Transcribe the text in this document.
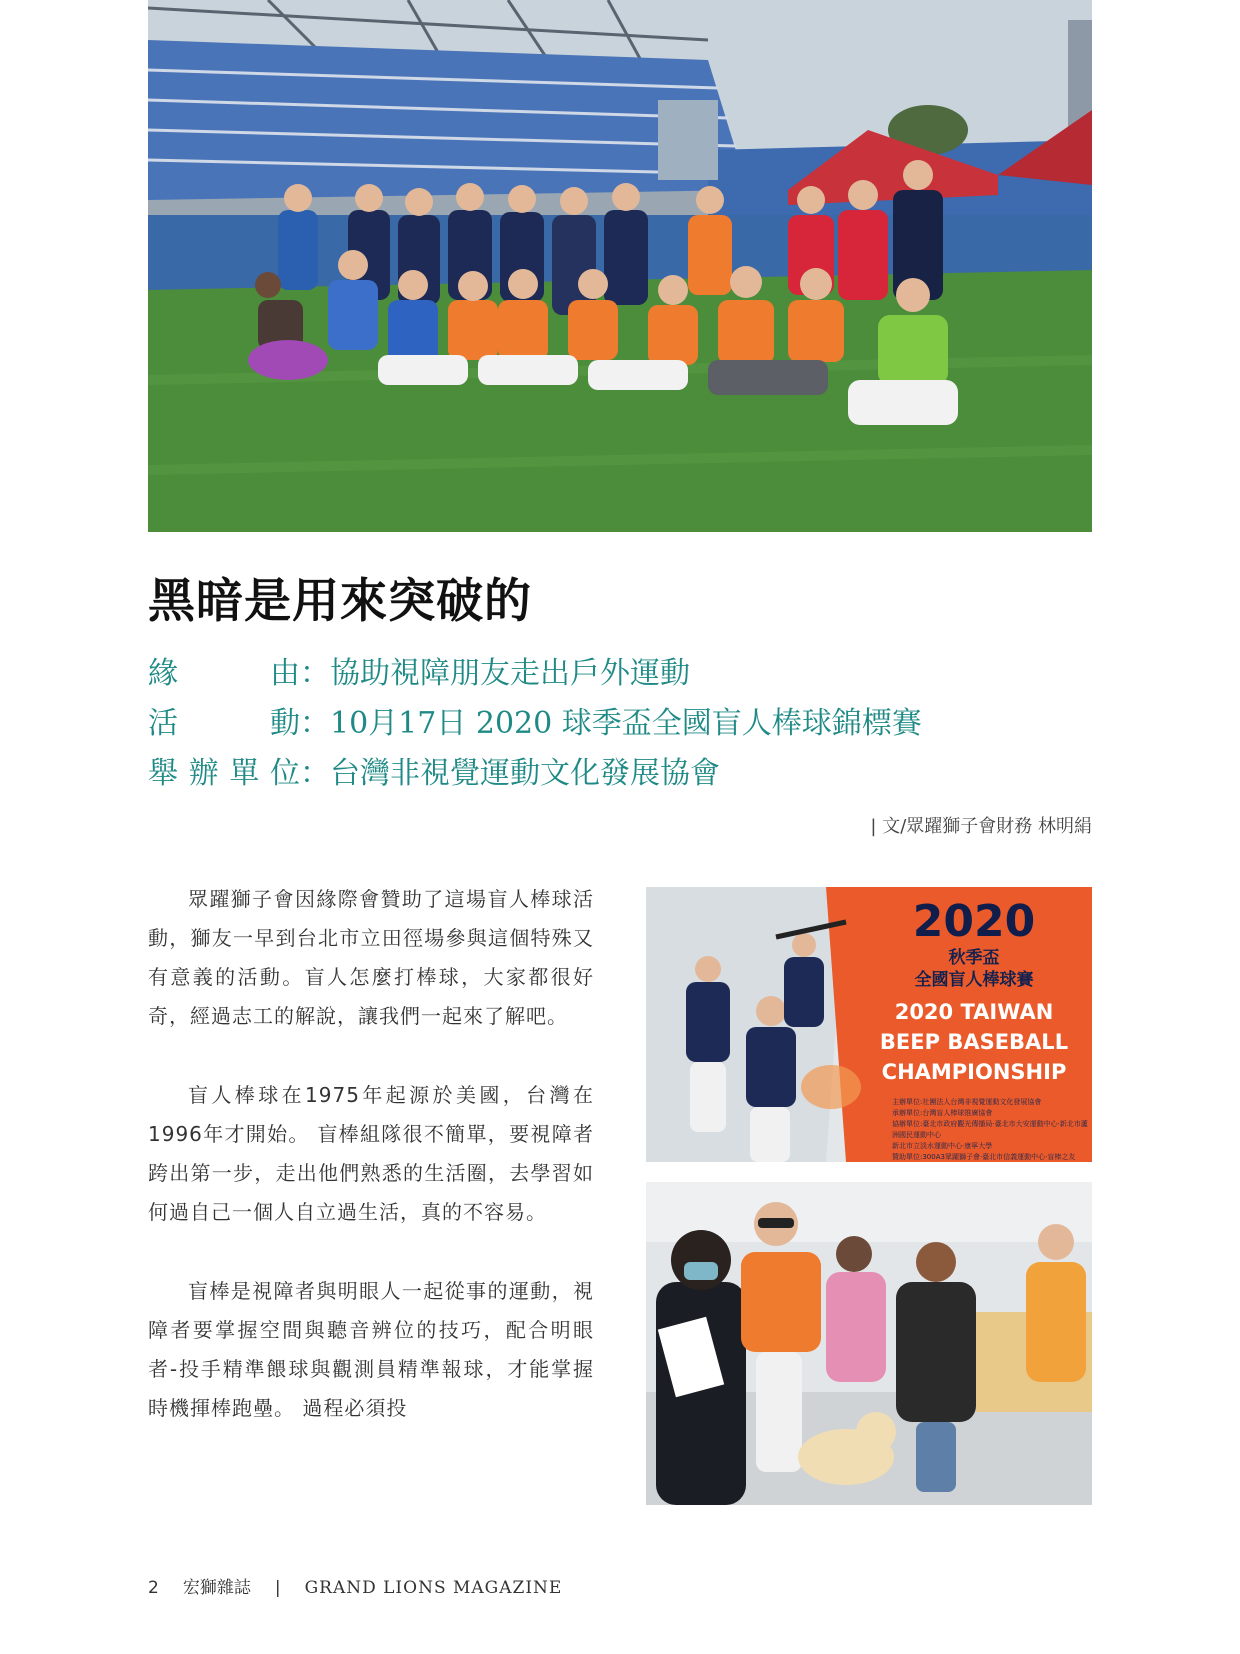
黑暗是用來突破的
緣	由 ： 協助視障朋友走出戶外運動
活	動 ： 10月17日 2020 球季盃全國盲人棒球錦標賽
舉 辦 單 位 ： 台灣非視覺運動文化發展協會
| 文/眾躍獅子會財務 林明絹

眾躍獅子會因緣際會贊助了這場盲人棒球活動，獅友一早到台北市立田徑場參與這個特殊又有意義的活動。盲人怎麼打棒球，大家都很好奇，經過志工的解說，讓我們一起來了解吧。

盲人棒球在1975年起源於美國，台灣在1996年才開始。 盲棒組隊很不簡單，要視障者跨出第一步，走出他們熟悉的生活圈，去學習如何過自己一個人自立過生活，真的不容易。

盲棒是視障者與明眼人一起從事的運動，視障者要掌握空間與聽音辨位的技巧，配合明眼者-投手精準餵球與觀測員精準報球，才能掌握時機揮棒跑壘。 過程必須投

2020
秋季盃
全國盲人棒球賽
2020 TAIWAN
BEEP BASEBALL
CHAMPIONSHIP
主辦單位:社團法人台灣非視覺運動文化發展協會
承辦單位:台灣盲人棒球推廣協會
協辦單位:臺北市政府觀光傳播局‧臺北市大安運動中心‧新北市蘆洲國民運動中心
新北市立淡水運動中心‧康寧大學
贊助單位:300A3眾躍獅子會‧臺北市信義運動中心‧盲棒之友
2 宏獅雜誌 | GRAND LIONS MAGAZINE
